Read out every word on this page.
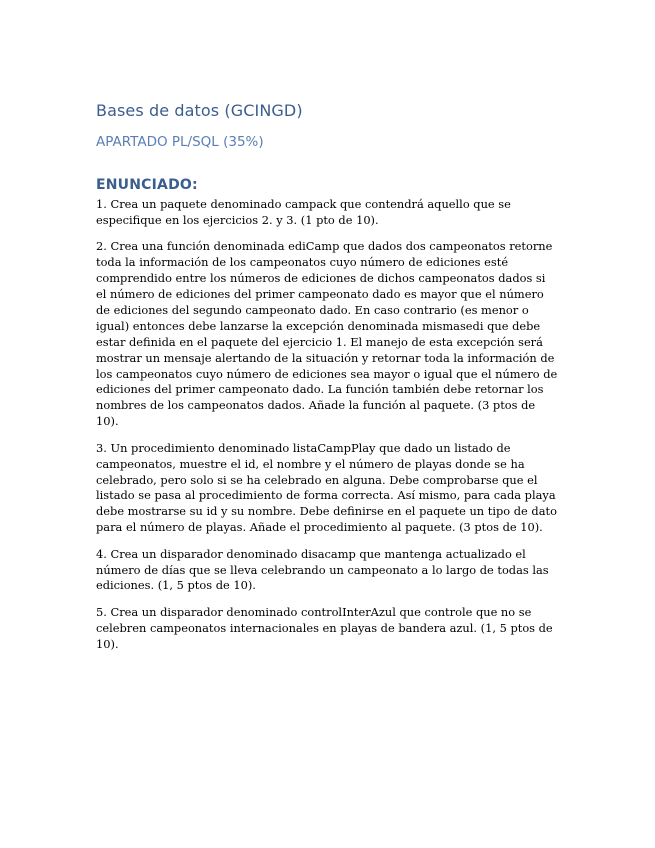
Bases de datos (GCINGD)
APARTADO PL/SQL (35%)
ENUNCIADO:

1. Crea un paquete denominado campack que contendrá aquello que se especifique en los ejercicios 2. y 3. (1 pto de 10).

2. Crea una función denominada ediCamp que dados dos campeonatos retorne toda la información de los campeonatos cuyo número de ediciones esté comprendido entre los números de ediciones de dichos campeonatos dados si el número de ediciones del primer campeonato dado es mayor que el número de ediciones del segundo campeonato dado. En caso contrario (es menor o igual) entonces debe lanzarse la excepción denominada mismasedi que debe estar definida en el paquete del ejercicio 1. El manejo de esta excepción será mostrar un mensaje alertando de la situación y retornar toda la información de los campeonatos cuyo número de ediciones sea mayor o igual que el número de ediciones del primer campeonato dado. La función también debe retornar los nombres de los campeonatos dados. Añade la función al paquete. (3 ptos de 10).

3. Un procedimiento denominado listaCampPlay que dado un listado de campeonatos, muestre el id, el nombre y el número de playas donde se ha celebrado, pero solo si se ha celebrado en alguna. Debe comprobarse que el listado se pasa al procedimiento de forma correcta. Así mismo, para cada playa debe mostrarse su id y su nombre. Debe definirse en el paquete un tipo de dato para el número de playas. Añade el procedimiento al paquete. (3 ptos de 10).

4. Crea un disparador denominado disacamp que mantenga actualizado el número de días que se lleva celebrando un campeonato a lo largo de todas las ediciones. (1, 5 ptos de 10).

5. Crea un disparador denominado controlInterAzul que controle que no se celebren campeonatos internacionales en playas de bandera azul. (1, 5 ptos de 10).
